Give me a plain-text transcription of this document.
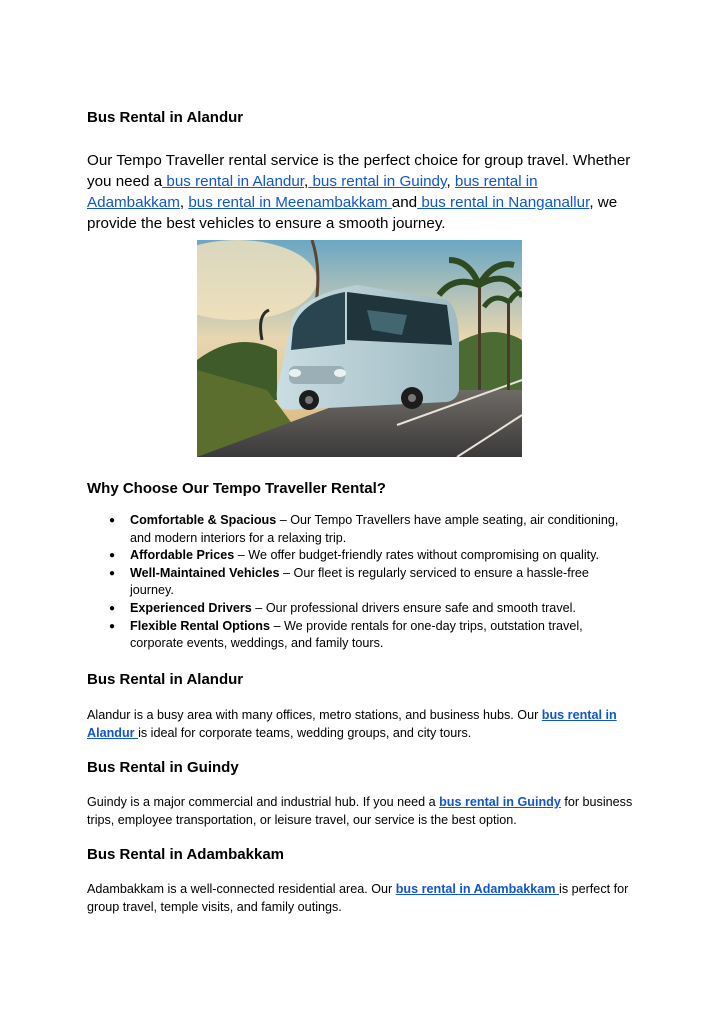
Bus Rental in Alandur

Our Tempo Traveller rental service is the perfect choice for group travel. Whether you need a bus rental in Alandur, bus rental in Guindy, bus rental in Adambakkam, bus rental in Meenambakkam and bus rental in Nanganallur, we provide the best vehicles to ensure a smooth journey.

Why Choose Our Tempo Traveller Rental?
● Comfortable & Spacious – Our Tempo Travellers have ample seating, air conditioning, and modern interiors for a relaxing trip.
● Affordable Prices – We offer budget-friendly rates without compromising on quality.
● Well-Maintained Vehicles – Our fleet is regularly serviced to ensure a hassle-free journey.
● Experienced Drivers – Our professional drivers ensure safe and smooth travel.
● Flexible Rental Options – We provide rentals for one-day trips, outstation travel, corporate events, weddings, and family tours.
Bus Rental in Alandur

Alandur is a busy area with many offices, metro stations, and business hubs. Our bus rental in Alandur is ideal for corporate teams, wedding groups, and city tours.

Bus Rental in Guindy

Guindy is a major commercial and industrial hub. If you need a bus rental in Guindy for business trips, employee transportation, or leisure travel, our service is the best option.

Bus Rental in Adambakkam

Adambakkam is a well-connected residential area. Our bus rental in Adambakkam is perfect for group travel, temple visits, and family outings.
